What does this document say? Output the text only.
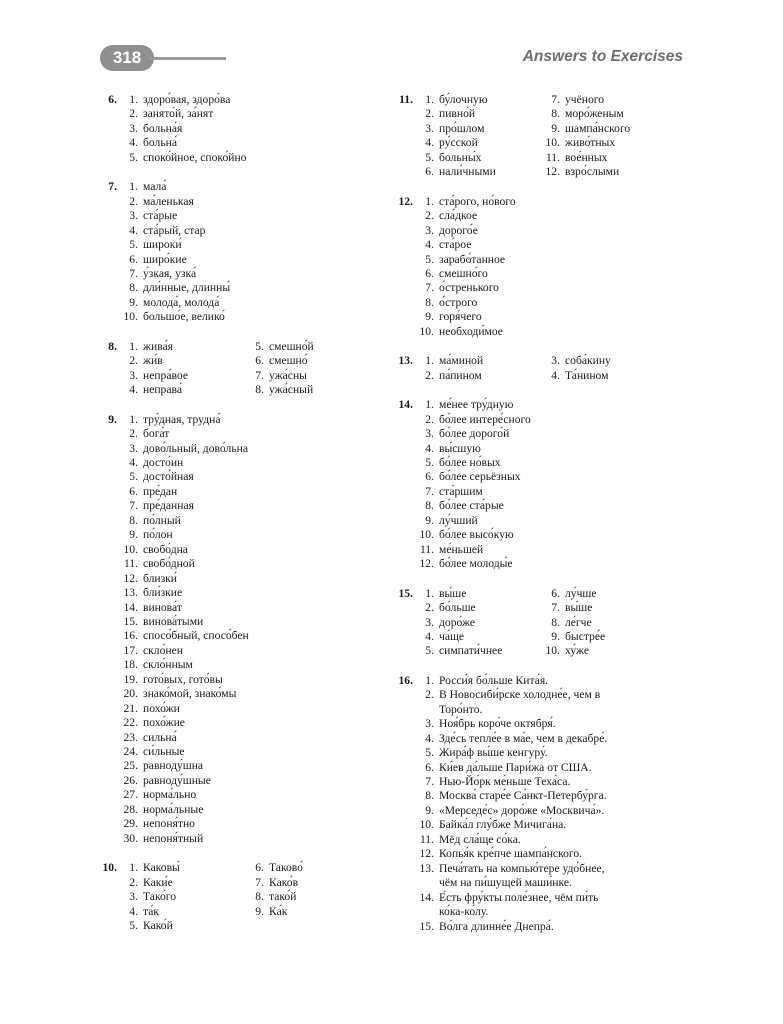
318	Answers to Exercises
6.	1. здоро́вая, здоро́ва
2. занято́й, за́нят
3. больна́я
4. больна́
5. споко́йное, споко́йно
7.	1. мала́
2. ма́ленькая
3. ста́рые
4. ста́рый, стар
5. широки́
6. широ́кие
7. у́зкая, узка́
8. дли́нные, длинны́
9. молода́, молода́
10. большо́е, велико́
8.	1. жива́я	5. смешно́й
2. жи́в	6. смешно́
3. непра́вое	7. ужа́сны
4. неправа́	8. ужа́сный
9.	1. тру́дная, трудна́
2. бога́т
3. дово́льный, дово́льна
4. досто́ин
5. досто́йная
6. пре́дан
7. пре́данная
8. по́лный
9. по́лон
10. свобо́дна
11. свобо́дной
12. близки́
13. бли́зкие
14. винова́т
15. винова́тыми
16. спосо́бный, спосо́бен
17. скло́нен
18. скло́нным
19. гото́вых, гото́вы
20. знако́мой, знако́мы
21. похо́жи
22. похо́жие
23. сильна́
24. си́льные
25. равноду́шна
26. равноду́шные
27. норма́льно
28. норма́льные
29. непоня́тно
30. непоня́тный
10.	1. Каковы́	6. Таково́
2. Каки́е	7. Како́в
3. Тако́го	8. тако́й
4. та́к	9. Ка́к
5. Како́й
11.	1. бу́лочную	7. учёного
2. пивно́й	8. моро́женым
3. про́шлом	9. шампа́нского
4. ру́сской	10. живо́тных
5. больны́х	11. вое́нных
6. нали́чными	12. взро́слыми
12.	1. ста́рого, но́вого
2. сла́дкое
3. дорого́е
4. ста́рое
5. зарабо́танное
6. смешно́го
7. о́стренького
8. о́строго
9. горя́чего
10. необходи́мое
13.	1. ма́миной	3. соба́кину
2. па́пином	4. Та́нином
14.	1. ме́нее тру́дную
2. бо́лее интере́сного
3. бо́лее дорого́й
4. вы́сшую
5. бо́лее но́вых
6. бо́лее серьёзных
7. ста́ршим
8. бо́лее ста́рые
9. лу́чший
10. бо́лее высо́кую
11. ме́ньшей
12. бо́лее молоды́е
15.	1. вы́ше	6. лу́чше
2. бо́льше	7. вы́ше
3. доро́же	8. ле́гче
4. ча́ще	9. быстре́е
5. симпати́чнее	10. ху́же
16.	1. Росси́я бо́льше Кита́я.
2. В Новосиби́рске холодне́е, чем в
Торо́нто.
3. Ноя́брь коро́че октября́.
4. Зде́сь тепле́е в ма́е, чем в декабре́.
5. Жира́ф вы́ше кенгуру́.
6. Ки́ев да́льше Пари́жа от США.
7. Нью-Йо́рк ме́ньше Теха́са.
8. Москва́ старе́е Са́нкт-Петербу́рга.
9. «Мерседе́с» доро́же «Москвича́».
10. Байка́л глу́бже Мичига́на.
11. Мёд сла́ще со́ка.
12. Копья́к кре́пче шампа́нского.
13. Печа́тать на компью́тере удо́бнее,
чём на пи́шущей маши́нке.
14. Е́сть фру́кты поле́знее, чём пи́ть
ко́ка-ко́лу.
15. Во́лга длинне́е Днепра́.
